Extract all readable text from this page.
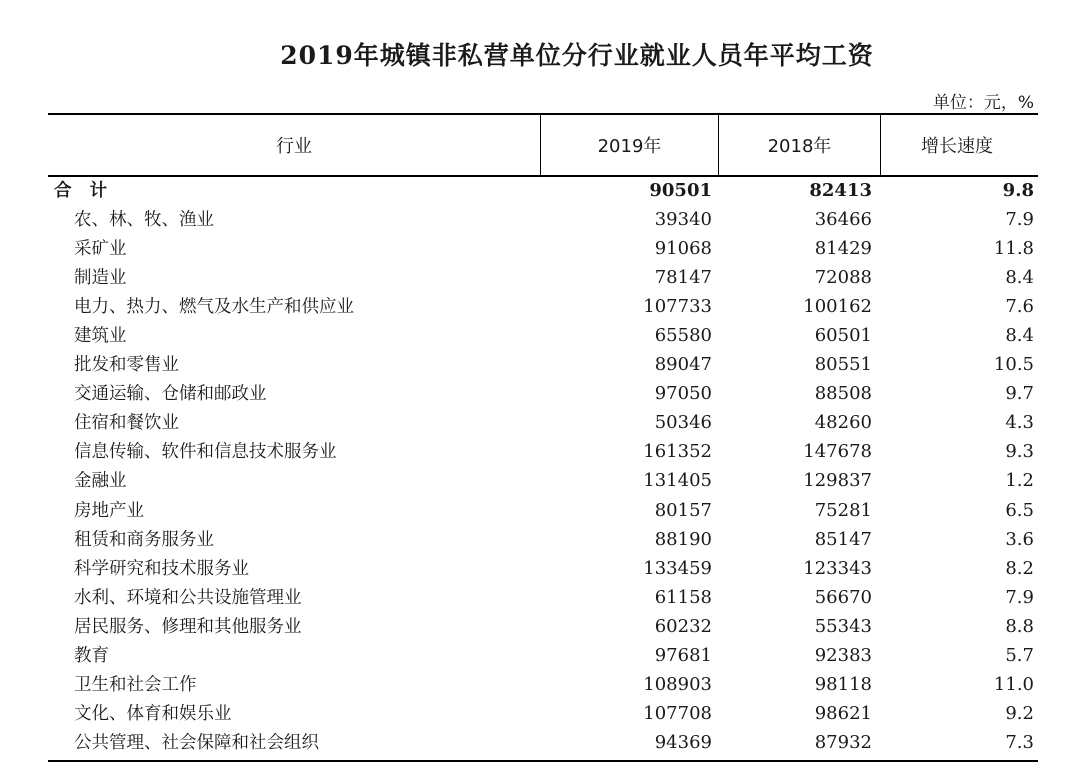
2019年城镇非私营单位分行业就业人员年平均工资
单位：元，%
行业	2019年	2018年	增长速度
合 计	90501	82413	9.8
农、林、牧、渔业	39340	36466	7.9
采矿业	91068	81429	11.8
制造业	78147	72088	8.4
电力、热力、燃气及水生产和供应业	107733	100162	7.6
建筑业	65580	60501	8.4
批发和零售业	89047	80551	10.5
交通运输、仓储和邮政业	97050	88508	9.7
住宿和餐饮业	50346	48260	4.3
信息传输、软件和信息技术服务业	161352	147678	9.3
金融业	131405	129837	1.2
房地产业	80157	75281	6.5
租赁和商务服务业	88190	85147	3.6
科学研究和技术服务业	133459	123343	8.2
水利、环境和公共设施管理业	61158	56670	7.9
居民服务、修理和其他服务业	60232	55343	8.8
教育	97681	92383	5.7
卫生和社会工作	108903	98118	11.0
文化、体育和娱乐业	107708	98621	9.2
公共管理、社会保障和社会组织	94369	87932	7.3
